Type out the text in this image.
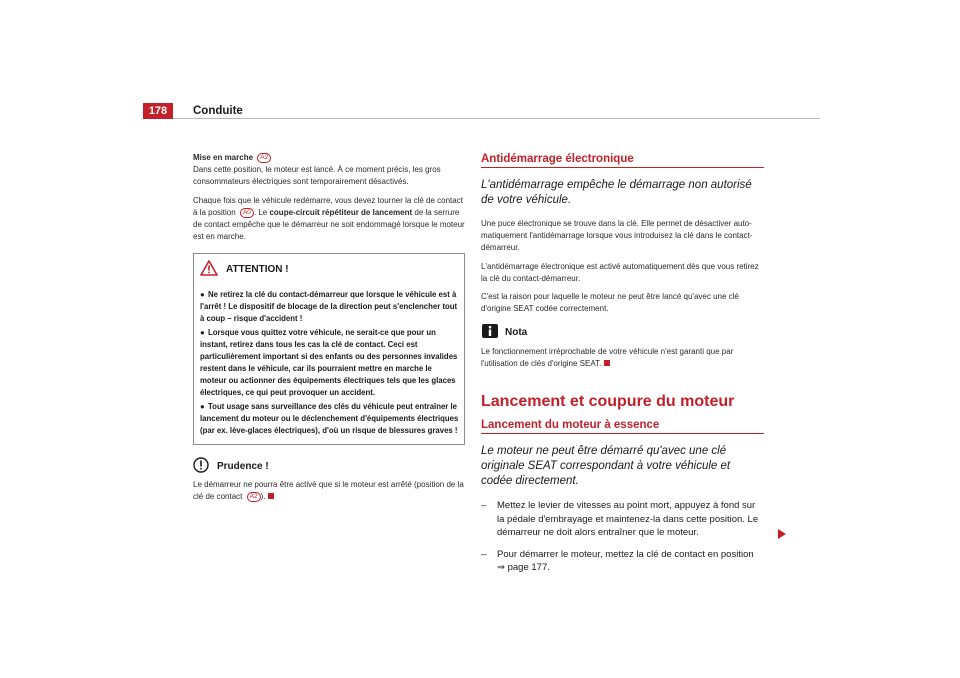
178	Conduite

Mise en marche A2
Dans cette position, le moteur est lancé. À ce moment précis, les gros consommateurs électriques sont temporairement désactivés.

Chaque fois que le véhicule redémarre, vous devez tourner la clé de contact à la position A0 . Le coupe-circuit répétiteur de lancement de la serrure de contact empêche que le démarreur ne soit endommagé lorsque le moteur est en marche.

ATTENTION !
● Ne retirez la clé du contact-démarreur que lorsque le véhicule est à l'arrêt ! Le dispositif de blocage de la direction peut s'enclencher tout à coup – risque d'accident !
● Lorsque vous quittez votre véhicule, ne serait-ce que pour un instant, retirez dans tous les cas la clé de contact. Ceci est particulièrement important si des enfants ou des personnes invalides restent dans le véhicule, car ils pourraient mettre en marche le moteur ou actionner des équipements électriques tels que les glaces électriques, ce qui peut provoquer un accident.
● Tout usage sans surveillance des clés du véhicule peut entraîner le lancement du moteur ou le déclenchement d'équipements électriques (par ex. lève-glaces électriques), d'où un risque de blessures graves !
Prudence !

Le démarreur ne pourra être activé que si le moteur est arrêté (position de la clé de contact A2 ).

Antidémarrage électronique
L'antidémarrage empêche le démarrage non autorisé de votre véhicule.

Une puce électronique se trouve dans la clé. Elle permet de désactiver automatiquement l'antidémarrage lorsque vous introduisez la clé dans le contact-démarreur.

L'antidémarrage électronique est activé automatiquement dès que vous retirez la clé du contact-démarreur.

C'est la raison pour laquelle le moteur ne peut être lancé qu'avec une clé d'origine SEAT codée correctement.

Nota

Le fonctionnement irréprochable de votre véhicule n'est garanti que par l'utilisation de clés d'origine SEAT.

Lancement et coupure du moteur
Lancement du moteur à essence
Le moteur ne peut être démarré qu'avec une clé originale SEAT correspondant à votre véhicule et codée directement.
–	Mettez le levier de vitesses au point mort, appuyez à fond sur la pédale d'embrayage et maintenez-la dans cette position. Le démarreur ne doit alors entraîner que le moteur.
–	Pour démarrer le moteur, mettez la clé de contact en position ⇒ page 177.
